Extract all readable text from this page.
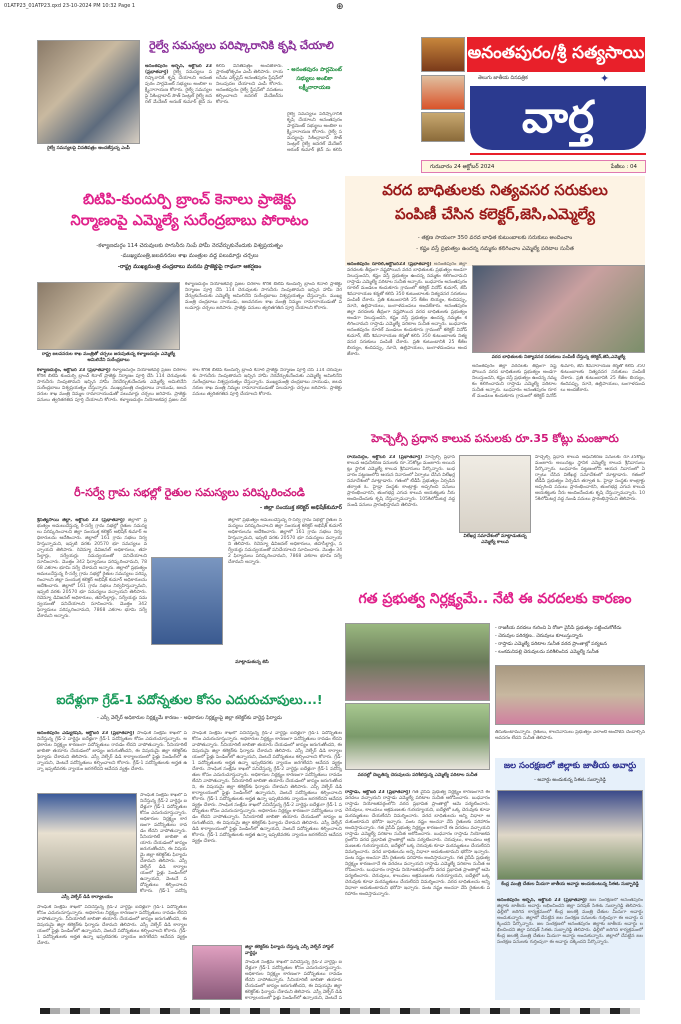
01ATP23_01ATP23.qxd 23-10-2024 PM 10:32 Page 1	⊕
అనంతపురం/శ్రీ సత్యసాయి
వార్త
తెలుగు జాతీయ దినపత్రిక	✦
గురువారం 24 అక్టోబర్ 2024	పేజీలు : 04
రైల్వే సమస్యలపై వినతిపత్రం అందజేస్తున్న ఎంపీ
రైల్వే సమస్యలు పరిష్కారానికి కృషి చేయాలి
అనంతపురం అర్బన్, అక్టోబర్ 23 (ప్రభాతవార్త) రైల్వే సమస్యలు పరిష్కారానికి కృషి చేయాలని అనంతపురం పార్లమెంట్ సభ్యులు అంబికా లక్ష్మీనారాయణ కోరారు. రైల్వే సమస్యలపై సికింద్రాబాద్ సౌత్ సెంట్రల్ రైల్వే జనరల్ మేనేజర్ అరుణ్ కుమార్ జైన్ ను కలిసి వినతిపత్రం అందజేశారు. ప్రారంభోత్సవం ఎంపీ తెలిపారు. రాయలసీమ ఎక్స్‌ప్రెస్ అనంతపురం స్టేషన్‌లో నిలుపుదల చేయాలని ఎంపీ కోరారు. అనంతపురం రైల్వే స్టేషన్‌లో వసతులు కల్పించాలని జనరల్ మేనేజర్‌ను కోరారు.
- అనంతపురం పార్లమెంట్ సభ్యులు అంబికా లక్ష్మీనారాయణ
రైల్వే సమస్యలు పరిష్కారానికి కృషి చేయాలని అనంతపురం పార్లమెంట్ సభ్యులు అంబికా లక్ష్మీనారాయణ కోరారు. రైల్వే సమస్యలపై సికింద్రాబాద్ సౌత్ సెంట్రల్ రైల్వే జనరల్ మేనేజర్ అరుణ్ కుమార్ జైన్ ను కలిసి
బిటిపి-కుందుర్పి బ్రాంచ్ కెనాలు ప్రాజెక్టు
నిర్మాణంపై ఎమ్మెల్యే సురేంద్రబాబు పోరాటం
-కళ్యాణదుర్గం 114 చెరువులకు సాగునీరు నింపే హామీ నెరవేర్చుకునేందుకు విశ్వప్రయత్నం
-ముఖ్యమంత్రి,జలవనరుల శాఖ మంత్రుల వద్ద పలుమార్లు చర్చలు
-రాష్ట్ర ముఖ్యమంత్రి చంద్రబాబు మనసు ప్రాజెక్టుపై గాఢంగా ఆకర్షణం
రాష్ట్ర జలవనరుల శాఖ మంత్రితో చర్చలు జరుపుతున్న కళ్యాణదుర్గం ఎమ్మెల్యే అమిలినేని సురేంద్రబాబు
కళ్యాణదుర్గం, అక్టోబర్ 23 (ప్రభాతవార్త) కళ్యాణదుర్గం నియోజకవర్గ ప్రజల చిరకాల కోరిక బిటిపి కుందుర్పి బ్రాంచ్ కెనాల్ ప్రాజెక్టు నిర్మాణం పూర్తి చేసి 114 చెరువులకు సాగునీరు నింపుతామని ఇచ్చిన హామీ నెరవేర్చుకునేందుకు ఎమ్మెల్యే అమిలినేని సురేంద్రబాబు విశ్వప్రయత్నం చేస్తున్నారు. ముఖ్యమంత్రి చంద్రబాబు నాయుడు, జలవనరుల శాఖ మంత్రి నిమ్మల రామానాయుడుతో పలుమార్లు చర్చలు జరిపారు. ప్రాజెక్టు పనులు త్వరితగతిన పూర్తి చేయాలని కోరారు. కళ్యాణదుర్గం నియోజకవర్గ ప్రజల చిరకాల కోరిక బిటిపి కుందుర్పి బ్రాంచ్ కెనాల్ ప్రాజెక్టు నిర్మాణం పూర్తి చేసి 114 చెరువులకు సాగునీరు నింపుతామని ఇచ్చిన హామీ నెరవేర్చుకునేందుకు ఎమ్మెల్యే అమిలినేని సురేంద్రబాబు విశ్వప్రయత్నం చేస్తున్నారు. ముఖ్యమంత్రి చంద్రబాబు నాయుడు, జలవనరుల శాఖ మంత్రి నిమ్మల రామానాయుడుతో పలుమార్లు చర్చలు జరిపారు. ప్రాజెక్టు పనులు త్వరితగతిన పూర్తి చేయాలని కోరారు.
కళ్యాణదుర్గం నియోజకవర్గ ప్రజల చిరకాల కోరిక బిటిపి కుందుర్పి బ్రాంచ్ కెనాల్ ప్రాజెక్టు నిర్మాణం పూర్తి చేసి 114 చెరువులకు సాగునీరు నింపుతామని ఇచ్చిన హామీ నెరవేర్చుకునేందుకు ఎమ్మెల్యే అమిలినేని సురేంద్రబాబు విశ్వప్రయత్నం చేస్తున్నారు. ముఖ్యమంత్రి చంద్రబాబు నాయుడు, జలవనరుల శాఖ మంత్రి నిమ్మల రామానాయుడుతో పలుమార్లు చర్చలు జరిపారు. ప్రాజెక్టు పనులు త్వరితగతిన పూర్తి చేయాలని కోరారు.
వరద బాధితులకు నిత్యవసర సరుకులు
పంపిణీ చేసిన కలెక్టర్,జెసి,ఎమ్మెల్యే
- తక్షణ సాయంగా 350 వరద బాధిత కుటుంబాలకు సరుకులు అందించాం
- కష్టం వస్తే ప్రభుత్వం ఉందన్న నమ్మకం కలిగించాం ఎమ్మెల్యే పరిటాల సునీత
అనంతపురం రూరల్,అక్టోబర్23 (ప్రభాతవార్త) అనంతపురం జిల్లా వరదలకు తీవ్రంగా నష్టపోయిన వరద బాధితులకు ప్రభుత్వం అండగా నిలుస్తుందని, కష్టం వస్తే ప్రభుత్వం ఉందన్న నమ్మకం కలిగించామని రాప్తాడు ఎమ్మెల్యే పరిటాల సునీత అన్నారు. బుధవారం అనంతపురం రూరల్ మండలం కందుకూరు గ్రామంలో కలెక్టర్ వినోద్ కుమార్, జేసీ శివనారాయణ శర్మతో కలిసి 350 కుటుంబాలకు నిత్యవసర సరుకులు పంపిణీ చేశారు. ప్రతి కుటుంబానికి 25 కేజీల బియ్యం, కందిపప్పు, నూనె, ఉల్లిపాయలు, బంగాళదుంపలు అందజేశారు. అనంతపురం జిల్లా వరదలకు తీవ్రంగా నష్టపోయిన వరద బాధితులకు ప్రభుత్వం అండగా నిలుస్తుందని, కష్టం వస్తే ప్రభుత్వం ఉందన్న నమ్మకం కలిగించామని రాప్తాడు ఎమ్మెల్యే పరిటాల సునీత అన్నారు. బుధవారం అనంతపురం రూరల్ మండలం కందుకూరు గ్రామంలో కలెక్టర్ వినోద్ కుమార్, జేసీ శివనారాయణ శర్మతో కలిసి 350 కుటుంబాలకు నిత్యవసర సరుకులు పంపిణీ చేశారు. ప్రతి కుటుంబానికి 25 కేజీల బియ్యం, కందిపప్పు, నూనె, ఉల్లిపాయలు, బంగాళదుంపలు అందజేశారు.
వరద బాధితులకు నిత్యావసర సరుకులు పంపిణీ చేస్తున్న కలెక్టర్,జెసి,ఎమ్మెల్యే
అనంతపురం జిల్లా వరదలకు తీవ్రంగా నష్టపోయిన వరద బాధితులకు ప్రభుత్వం అండగా నిలుస్తుందని, కష్టం వస్తే ప్రభుత్వం ఉందన్న నమ్మకం కలిగించామని రాప్తాడు ఎమ్మెల్యే పరిటాల సునీత అన్నారు. బుధవారం అనంతపురం రూరల్ మండలం కందుకూరు గ్రామంలో కలెక్టర్ వినోద్ కుమార్, జేసీ శివనారాయణ శర్మతో కలిసి 350 కుటుంబాలకు నిత్యవసర సరుకులు పంపిణీ చేశారు. ప్రతి కుటుంబానికి 25 కేజీల బియ్యం, కందిపప్పు, నూనె, ఉల్లిపాయలు, బంగాళదుంపలు అందజేశారు.
హెచ్చెల్సీ ప్రధాన కాలువ పనులకు రూ.35 కోట్లు మంజూరు
రాయదుర్గం, అక్టోబర్ 23 (ప్రభాతవార్త) హెచ్చెల్సీ ప్రధాన కాలువ ఆధునీకరణ పనులకు రూ.35కోట్లు మంజూరు అయినట్లు స్థానిక ఎమ్మెల్యే కాలువ శ్రీనివాసులు పేర్కొన్నారు. బుధవారం పట్టణంలోని ఆయన నివాసంలో ఏర్పాటు చేసిన విలేఖర్ల సమావేశంలో మాట్లాడారు. గతంలో టీడీపీ ప్రభుత్వం ఏర్పడిన తర్వాత ఓ. హైడ్రా సంస్థకు కాంట్రాక్టు అప్పగించి పనులు ప్రారంభించారని, తుంగభద్ర ఎగువ కాలువ ఆయకట్టుకు నీరు అందించేందుకు కృషి చేస్తున్నామన్నారు. 105కిలోమీటర్ల వద్ద నుండి పనులు ప్రారంభిస్తామని తెలిపారు.
విలేఖర్ల సమావేశంలో మాట్లాడుతున్న ఎమ్మెల్యే కాలువ
హెచ్చెల్సీ ప్రధాన కాలువ ఆధునీకరణ పనులకు రూ.35కోట్లు మంజూరు అయినట్లు స్థానిక ఎమ్మెల్యే కాలువ శ్రీనివాసులు పేర్కొన్నారు. బుధవారం పట్టణంలోని ఆయన నివాసంలో ఏర్పాటు చేసిన విలేఖర్ల సమావేశంలో మాట్లాడారు. గతంలో టీడీపీ ప్రభుత్వం ఏర్పడిన తర్వాత ఓ. హైడ్రా సంస్థకు కాంట్రాక్టు అప్పగించి పనులు ప్రారంభించారని, తుంగభద్ర ఎగువ కాలువ ఆయకట్టుకు నీరు అందించేందుకు కృషి చేస్తున్నామన్నారు. 105కిలోమీటర్ల వద్ద నుండి పనులు ప్రారంభిస్తామని తెలిపారు.
రీ-సర్వే గ్రామ సభల్లో రైతుల సమస్యలు పరిష్కరించండి
- జిల్లా సంయుక్త కలెక్టర్ అభిషేక్‌కుమార్
శ్రీసత్యసాయి జిల్లా, అక్టోబర్ 23 (ప్రభాతవార్త) జిల్లాలో ప్రభుత్వం అమలుచేస్తున్న రీ-సర్వే గ్రామ సభల్లో రైతుల సమస్యలు పరిష్కరించాలని జిల్లా సంయుక్త కలెక్టర్ అభిషేక్ కుమార్ అధికారులను ఆదేశించారు. జిల్లాలో 161 గ్రామ సభలు నిర్వహిస్తున్నామని, ఇప్పటి వరకు 20570 భూ సమస్యలు వచ్చాయని తెలిపారు. రెవెన్యూ డివిజనల్ అధికారులు, తహసీల్దార్లు, సర్వేయర్లు సమన్వయంతో పనిచేయాలని సూచించారు. మొత్తం 342 ఫిర్యాదులు పరిష్కరించామని, 7868 ఎకరాల భూమి సర్వే చేశామని అన్నారు. జిల్లాలో ప్రభుత్వం అమలుచేస్తున్న రీ-సర్వే గ్రామ సభల్లో రైతుల సమస్యలు పరిష్కరించాలని జిల్లా సంయుక్త కలెక్టర్ అభిషేక్ కుమార్ అధికారులను ఆదేశించారు. జిల్లాలో 161 గ్రామ సభలు నిర్వహిస్తున్నామని, ఇప్పటి వరకు 20570 భూ సమస్యలు వచ్చాయని తెలిపారు. రెవెన్యూ డివిజనల్ అధికారులు, తహసీల్దార్లు, సర్వేయర్లు సమన్వయంతో పనిచేయాలని సూచించారు. మొత్తం 342 ఫిర్యాదులు పరిష్కరించామని, 7868 ఎకరాల భూమి సర్వే చేశామని అన్నారు.
మాట్లాడుతున్న జెసి
జిల్లాలో ప్రభుత్వం అమలుచేస్తున్న రీ-సర్వే గ్రామ సభల్లో రైతుల సమస్యలు పరిష్కరించాలని జిల్లా సంయుక్త కలెక్టర్ అభిషేక్ కుమార్ అధికారులను ఆదేశించారు. జిల్లాలో 161 గ్రామ సభలు నిర్వహిస్తున్నామని, ఇప్పటి వరకు 20570 భూ సమస్యలు వచ్చాయని తెలిపారు. రెవెన్యూ డివిజనల్ అధికారులు, తహసీల్దార్లు, సర్వేయర్లు సమన్వయంతో పనిచేయాలని సూచించారు. మొత్తం 342 ఫిర్యాదులు పరిష్కరించామని, 7868 ఎకరాల భూమి సర్వే చేశామని అన్నారు.
గత ప్రభుత్వ నిర్లక్ష్యమే.. నేటి ఈ వరదలకు కారణం
- రాజకీయ వరదలు గురించి ఏ రోజూ వైసీపీ ప్రభుత్వం పట్టించుకోలేదు
- చెరువుల పరిరక్షణ.. చెరువులు కూలుస్తున్నారు
- రాప్తాడు ఎమ్మెల్యే పరిటాల సునీత వరద ప్రాంతాల్లో పర్యటన
- లంకమనిపల్లి చెరువులను పరిశీలించిన ఎమ్మెల్యే సునీత
తీసుకుంటామన్నారు. రైతులు, కాలనీవాసులు ప్రభుత్వం ఎలాంటి ఆందోళన చెందాల్సిన అవసరం లేదని సునీత తెలిపారు.
వరదల్లో దెబ్బతిన్న చెరువులను పరిశీలిస్తున్న ఎమ్మెల్యే పరిటాల సునీత
రాప్తాడు, అక్టోబర్ 23 (ప్రభాతవార్త) గత వైసీపీ ప్రభుత్వ నిర్లక్ష్యం కారణంగానే ఈ వరదలు వచ్చాయని రాప్తాడు ఎమ్మెల్యే పరిటాల సునీత ఆరోపించారు. బుధవారం రాప్తాడు నియోజకవర్గంలోని వరద ప్రభావిత ప్రాంతాల్లో ఆమె పర్యటించారు. చెరువులు, కాలువలు ఆక్రమణలకు గురయ్యాయని, ఐదేళ్లలో ఒక్క చెరువుకు కూడా మరమ్మతులు చేయలేదని విమర్శించారు. వరద బాధితులను అన్ని విధాలా ఆదుకుంటామని భరోసా ఇచ్చారు. పంట నష్టం అంచనా వేసి రైతులకు పరిహారం అందిస్తామన్నారు. గత వైసీపీ ప్రభుత్వ నిర్లక్ష్యం కారణంగానే ఈ వరదలు వచ్చాయని రాప్తాడు ఎమ్మెల్యే పరిటాల సునీత ఆరోపించారు. బుధవారం రాప్తాడు నియోజకవర్గంలోని వరద ప్రభావిత ప్రాంతాల్లో ఆమె పర్యటించారు. చెరువులు, కాలువలు ఆక్రమణలకు గురయ్యాయని, ఐదేళ్లలో ఒక్క చెరువుకు కూడా మరమ్మతులు చేయలేదని విమర్శించారు. వరద బాధితులను అన్ని విధాలా ఆదుకుంటామని భరోసా ఇచ్చారు. పంట నష్టం అంచనా వేసి రైతులకు పరిహారం అందిస్తామన్నారు. గత వైసీపీ ప్రభుత్వ నిర్లక్ష్యం కారణంగానే ఈ వరదలు వచ్చాయని రాప్తాడు ఎమ్మెల్యే పరిటాల సునీత ఆరోపించారు. బుధవారం రాప్తాడు నియోజకవర్గంలోని వరద ప్రభావిత ప్రాంతాల్లో ఆమె పర్యటించారు. చెరువులు, కాలువలు ఆక్రమణలకు గురయ్యాయని, ఐదేళ్లలో ఒక్క చెరువుకు కూడా మరమ్మతులు చేయలేదని విమర్శించారు. వరద బాధితులను అన్ని విధాలా ఆదుకుంటామని భరోసా ఇచ్చారు. పంట నష్టం అంచనా వేసి రైతులకు పరిహారం అందిస్తామన్నారు.
జల సంరక్షణలో జిల్లాకు జాతీయ అవార్డు
- అవార్డు అందుకున్న సిఈఓ సుబ్బారెడ్డి
కేంద్ర మంత్రి చేతుల మీదుగా జాతీయ అవార్డు అందుకుంటున్న సిఈఓ సుబ్బారెడ్డి
అనంతపురం అర్బన్, అక్టోబర్ 23 (ప్రభాతవార్త) జల సంరక్షణలో అనంతపురం జిల్లాకు జాతీయ అవార్డు లభించిందని జిల్లా పరిషత్ సిఈఓ సుబ్బారెడ్డి తెలిపారు. ఢిల్లీలో జరిగిన కార్యక్రమంలో కేంద్ర జలశక్తి మంత్రి చేతుల మీదుగా అవార్డు అందుకున్నారు. జిల్లాలో చేపట్టిన జల సంరక్షణ పనులకు గుర్తింపుగా ఈ అవార్డు దక్కిందని పేర్కొన్నారు. జల సంరక్షణలో అనంతపురం జిల్లాకు జాతీయ అవార్డు లభించిందని జిల్లా పరిషత్ సిఈఓ సుబ్బారెడ్డి తెలిపారు. ఢిల్లీలో జరిగిన కార్యక్రమంలో కేంద్ర జలశక్తి మంత్రి చేతుల మీదుగా అవార్డు అందుకున్నారు. జిల్లాలో చేపట్టిన జల సంరక్షణ పనులకు గుర్తింపుగా ఈ అవార్డు దక్కిందని పేర్కొన్నారు.
ఐదేళ్లుగా గ్రేడ్-1 పదోన్నతుల కోసం ఎదురుచూపులు...!
- ఎస్సీ వెల్ఫేర్ అధికారుల నిర్లక్ష్యమే కారణం - అధికారుల నిర్లక్ష్యంపై జిల్లా కలెక్టర్‌కు వార్డెన్ల ఫిర్యాదు
అనంతపురం ఎడ్యుకేషన్, అక్టోబర్ 23 (ప్రభాతవార్త) సాంఘిక సంక్షేమ శాఖలో పనిచేస్తున్న గ్రేడ్-2 వార్డెన్లు ఐదేళ్లుగా గ్రేడ్-1 పదోన్నతుల కోసం ఎదురుచూస్తున్నారు. అధికారుల నిర్లక్ష్యం కారణంగా పదోన్నతులు రావడం లేదని వాపోతున్నారు. సీనియారిటీ జాబితా తయారు చేయడంలో జాప్యం జరుగుతోందని, ఈ విషయమై జిల్లా కలెక్టర్‌కు ఫిర్యాదు చేశామని తెలిపారు. ఎస్సీ వెల్ఫేర్ డిడి కార్యాలయంలో ఫైళ్లు పెండింగ్‌లో ఉన్నాయని, వెంటనే పదోన్నతులు కల్పించాలని కోరారు. గ్రేడ్-1 పదోన్నతులకు అర్హత ఉన్నా ఇప్పటివరకు న్యాయం జరగలేదని ఆవేదన వ్యక్తం చేశారు.
ఎస్సీ వెల్ఫేర్ డిడి కార్యాలయం
సాంఘిక సంక్షేమ శాఖలో పనిచేస్తున్న గ్రేడ్-2 వార్డెన్లు ఐదేళ్లుగా గ్రేడ్-1 పదోన్నతుల కోసం ఎదురుచూస్తున్నారు. అధికారుల నిర్లక్ష్యం కారణంగా పదోన్నతులు రావడం లేదని వాపోతున్నారు. సీనియారిటీ జాబితా తయారు చేయడంలో జాప్యం జరుగుతోందని, ఈ విషయమై జిల్లా కలెక్టర్‌కు ఫిర్యాదు చేశామని తెలిపారు. ఎస్సీ వెల్ఫేర్ డిడి కార్యాలయంలో ఫైళ్లు పెండింగ్‌లో ఉన్నాయని, వెంటనే పదోన్నతులు కల్పించాలని కోరారు. గ్రేడ్-1 పదోన్న
సాంఘిక సంక్షేమ శాఖలో పనిచేస్తున్న గ్రేడ్-2 వార్డెన్లు ఐదేళ్లుగా గ్రేడ్-1 పదోన్నతుల కోసం ఎదురుచూస్తున్నారు. అధికారుల నిర్లక్ష్యం కారణంగా పదోన్నతులు రావడం లేదని వాపోతున్నారు. సీనియారిటీ జాబితా తయారు చేయడంలో జాప్యం జరుగుతోందని, ఈ విషయమై జిల్లా కలెక్టర్‌కు ఫిర్యాదు చేశామని తెలిపారు. ఎస్సీ వెల్ఫేర్ డిడి కార్యాలయంలో ఫైళ్లు పెండింగ్‌లో ఉన్నాయని, వెంటనే పదోన్నతులు కల్పించాలని కోరారు. గ్రేడ్-1 పదోన్నతులకు అర్హత ఉన్నా ఇప్పటివరకు న్యాయం జరగలేదని ఆవేదన వ్యక్తం చేశారు.
సాంఘిక సంక్షేమ శాఖలో పనిచేస్తున్న గ్రేడ్-2 వార్డెన్లు ఐదేళ్లుగా గ్రేడ్-1 పదోన్నతుల కోసం ఎదురుచూస్తున్నారు. అధికారుల నిర్లక్ష్యం కారణంగా పదోన్నతులు రావడం లేదని వాపోతున్నారు. సీనియారిటీ జాబితా తయారు చేయడంలో జాప్యం జరుగుతోందని, ఈ విషయమై జిల్లా కలెక్టర్‌కు ఫిర్యాదు చేశామని తెలిపారు. ఎస్సీ వెల్ఫేర్ డిడి కార్యాలయంలో ఫైళ్లు పెండింగ్‌లో ఉన్నాయని, వెంటనే పదోన్నతులు కల్పించాలని కోరారు. గ్రేడ్-1 పదోన్నతులకు అర్హత ఉన్నా ఇప్పటివరకు న్యాయం జరగలేదని ఆవేదన వ్యక్తం చేశారు. సాంఘిక సంక్షేమ శాఖలో పనిచేస్తున్న గ్రేడ్-2 వార్డెన్లు ఐదేళ్లుగా గ్రేడ్-1 పదోన్నతుల కోసం ఎదురుచూస్తున్నారు. అధికారుల నిర్లక్ష్యం కారణంగా పదోన్నతులు రావడం లేదని వాపోతున్నారు. సీనియారిటీ జాబితా తయారు చేయడంలో జాప్యం జరుగుతోందని, ఈ విషయమై జిల్లా కలెక్టర్‌కు ఫిర్యాదు చేశామని తెలిపారు. ఎస్సీ వెల్ఫేర్ డిడి కార్యాలయంలో ఫైళ్లు పెండింగ్‌లో ఉన్నాయని, వెంటనే పదోన్నతులు కల్పించాలని కోరారు. గ్రేడ్-1 పదోన్నతులకు అర్హత ఉన్నా ఇప్పటివరకు న్యాయం జరగలేదని ఆవేదన వ్యక్తం చేశారు. సాంఘిక సంక్షేమ శాఖలో పనిచేస్తున్న గ్రేడ్-2 వార్డెన్లు ఐదేళ్లుగా గ్రేడ్-1 పదోన్నతుల కోసం ఎదురుచూస్తున్నారు. అధికారుల నిర్లక్ష్యం కారణంగా పదోన్నతులు రావడం లేదని వాపోతున్నారు. సీనియారిటీ జాబితా తయారు చేయడంలో జాప్యం జరుగుతోందని, ఈ విషయమై జిల్లా కలెక్టర్‌కు ఫిర్యాదు చేశామని తెలిపారు. ఎస్సీ వెల్ఫేర్ డిడి కార్యాలయంలో ఫైళ్లు పెండింగ్‌లో ఉన్నాయని, వెంటనే పదోన్నతులు కల్పించాలని కోరారు. గ్రేడ్-1 పదోన్నతులకు అర్హత ఉన్నా ఇప్పటివరకు న్యాయం జరగలేదని ఆవేదన వ్యక్తం చేశారు.
జిల్లా కలెక్టర్‌కు ఫిర్యాదు చేస్తున్న ఎస్సీ వెల్ఫేర్ హాస్టల్ వార్డెన్లు
సాంఘిక సంక్షేమ శాఖలో పనిచేస్తున్న గ్రేడ్-2 వార్డెన్లు ఐదేళ్లుగా గ్రేడ్-1 పదోన్నతుల కోసం ఎదురుచూస్తున్నారు. అధికారుల నిర్లక్ష్యం కారణంగా పదోన్నతులు రావడం లేదని వాపోతున్నారు. సీనియారిటీ జాబితా తయారు చేయడంలో జాప్యం జరుగుతోందని, ఈ విషయమై జిల్లా కలెక్టర్‌కు ఫిర్యాదు చేశామని తెలిపారు. ఎస్సీ వెల్ఫేర్ డిడి కార్యాలయంలో ఫైళ్లు పెండింగ్‌లో ఉన్నాయని, వెంటనే ప
